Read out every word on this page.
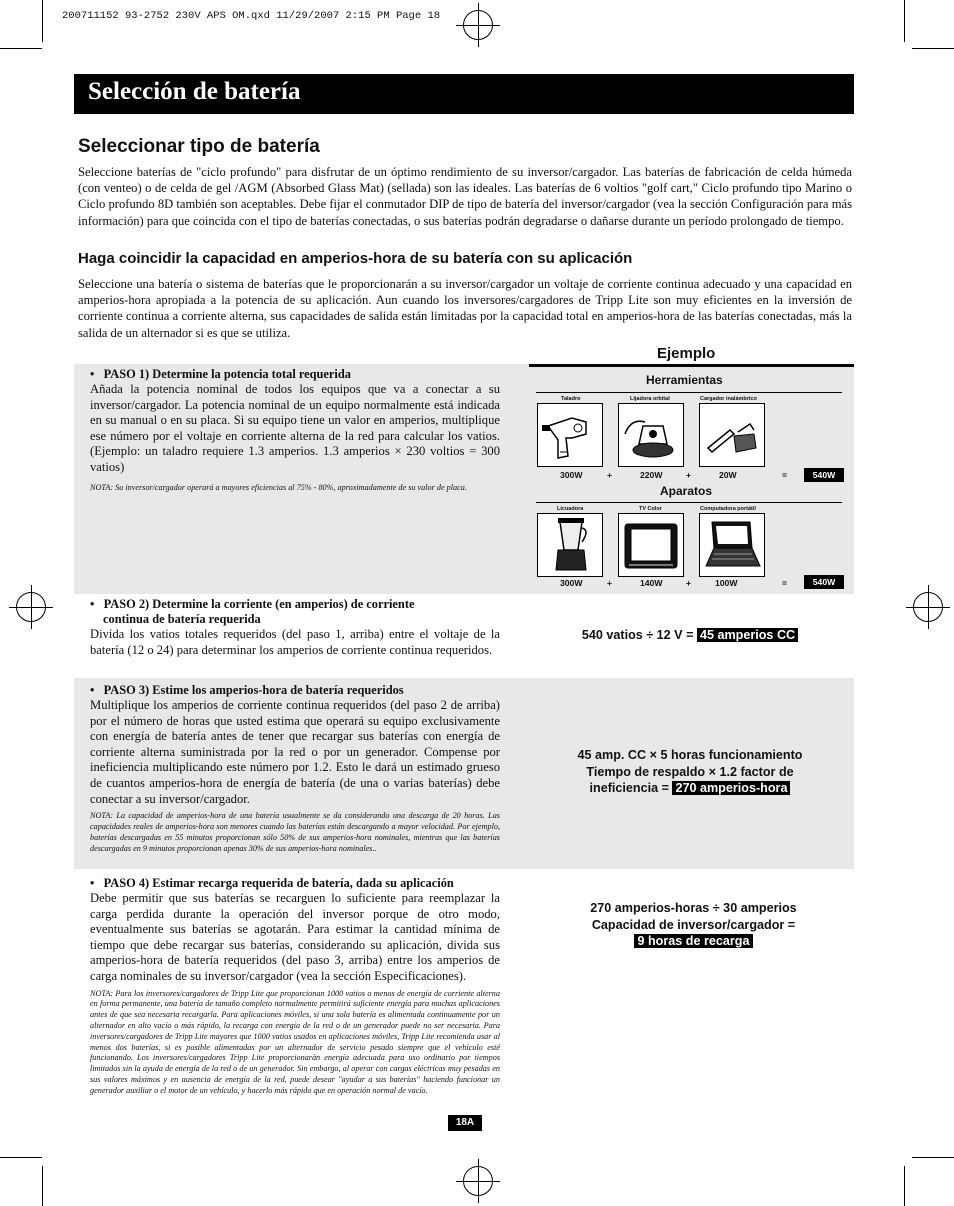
200711152 93-2752 230V APS OM.qxd 11/29/2007 2:15 PM Page 18
Selección de batería
Seleccionar tipo de batería

Seleccione baterías de "ciclo profundo" para disfrutar de un óptimo rendimiento de su inversor/cargador. Las baterías de fabricación de celda húmeda (con venteo) o de celda de gel /AGM (Absorbed Glass Mat) (sellada) son las ideales. Las baterías de 6 voltios "golf cart," Ciclo profundo tipo Marino o Ciclo profundo 8D también son aceptables. Debe fijar el conmutador DIP de tipo de batería del inversor/cargador (vea la sección Configuración para más información) para que coincida con el tipo de baterías conectadas, o sus baterías podrán degradarse o dañarse durante un período prolongado de tiempo.

Haga coincidir la capacidad en amperios-hora de su batería con su aplicación

Seleccione una batería o sistema de baterías que le proporcionarán a su inversor/cargador un voltaje de corriente continua adecuado y una capacidad en amperios-hora apropiada a la potencia de su aplicación. Aun cuando los inversores/cargadores de Tripp Lite son muy eficientes en la inversión de corriente continua a corriente alterna, sus capacidades de salida están limitadas por la capacidad total en amperios-hora de las baterías conectadas, más la salida de un alternador si es que se utiliza.

•   PASO 1) Determine la potencia total requerida

Añada la potencia nominal de todos los equipos que va a conectar a su inversor/cargador. La potencia nominal de un equipo normalmente está indicada en su manual o en su placa. Si su equipo tiene un valor en amperios, multiplique ese número por el voltaje en corriente alterna de la red para calcular los vatios. (Ejemplo: un taladro requiere 1.3 amperios. 1.3 amperios × 230 voltios = 300 vatios)

NOTA: Su inversor/cargador operará a mayores eficiencias al 75% - 80%, aproximadamente de su valor de placa.

Ejemplo
Herramientas
Taladro	Lijadora orbital	Cargador inalámbrico
300W	+	220W	+	20W	=	540W
Aparatos
Licuadora	TV Color	Computadora portátil
300W	+	140W	+	100W	=	540W
•   PASO 2) Determine la corriente (en amperios) de corriente
continua de batería requerida

Divida los vatios totales requeridos (del paso 1, arriba) entre el voltaje de la batería (12 o 24) para determinar los amperios de corriente continua requeridos.

540 vatios ÷ 12 V = 45 amperios CC
•   PASO 3) Estime los amperios-hora de batería requeridos

Multiplique los amperios de corriente continua requeridos (del paso 2 de arriba) por el número de horas que usted estima que operará su equipo exclusivamente con energía de batería antes de tener que recargar sus baterías con energía de corriente alterna suministrada por la red o por un generador. Compense por ineficiencia multiplicando este número por 1.2. Esto le dará un estimado grueso de cuantos amperios-hora de energía de batería (de una o varias baterías) debe conectar a su inversor/cargador.

NOTA: La capacidad de amperios-hora de una batería usualmente se da considerando una descarga de 20 horas. Las capacidades reales de amperios-hora son menores cuando las baterías están descargando a mayor velocidad. Por ejemplo, baterías descargadas en 55 minutos proporcionan sólo 50% de sus amperios-hora nominales, mientras que las baterías descargadas en 9 minutos proporcionan apenas 30% de sus amperios-hora nominales..

45 amp. CC × 5 horas funcionamiento
Tiempo de respaldo × 1.2 factor de
ineficiencia = 270 amperios-hora
•   PASO 4) Estimar recarga requerida de batería, dada su aplicación

Debe permitir que sus baterías se recarguen lo suficiente para reemplazar la carga perdida durante la operación del inversor porque de otro modo, eventualmente sus baterías se agotarán. Para estimar la cantidad mínima de tiempo que debe recargar sus baterías, considerando su aplicación, divida sus amperios-hora de batería requeridos (del paso 3, arriba) entre los amperios de carga nominales de su inversor/cargador (vea la sección Especificaciones).

NOTA: Para los inversores/cargadores de Tripp Lite que proporcionan 1000 vatios o menos de energía de corriente alterna en forma permanente, una batería de tamaño completo normalmente permitirá suficiente energía para muchas aplicaciones antes de que sea necesaria recargarla. Para aplicaciones móviles, si una sola batería es alimentada continuamente por un alternador en alto vacío o más rápido, la recarga con energía de la red o de un generador puede no ser necesaria. Para inversores/cargadores de Tripp Lite mayores que 1000 vatios usados en aplicaciones móviles, Tripp Lite recomienda usar al menos dos baterías, si es posible alimentadas por un alternador de servicio pesado siempre que el vehículo esté funcionando. Los inversores/cargadores Tripp Lite proporcionarán energía adecuada para uso ordinario por tiempos limitados sin la ayuda de energía de la red o de un generador. Sin embargo, al operar con cargas eléctricas muy pesadas en sus valores máximos y en ausencia de energía de la red, puede desear "ayudar a sus baterías" haciendo funcionar un generador auxiliar o el motor de un vehículo, y hacerlo más rápido que en operación normal de vacío.

270 amperios-horas ÷ 30 amperios
Capacidad de inversor/cargador =
9 horas de recarga
18A
